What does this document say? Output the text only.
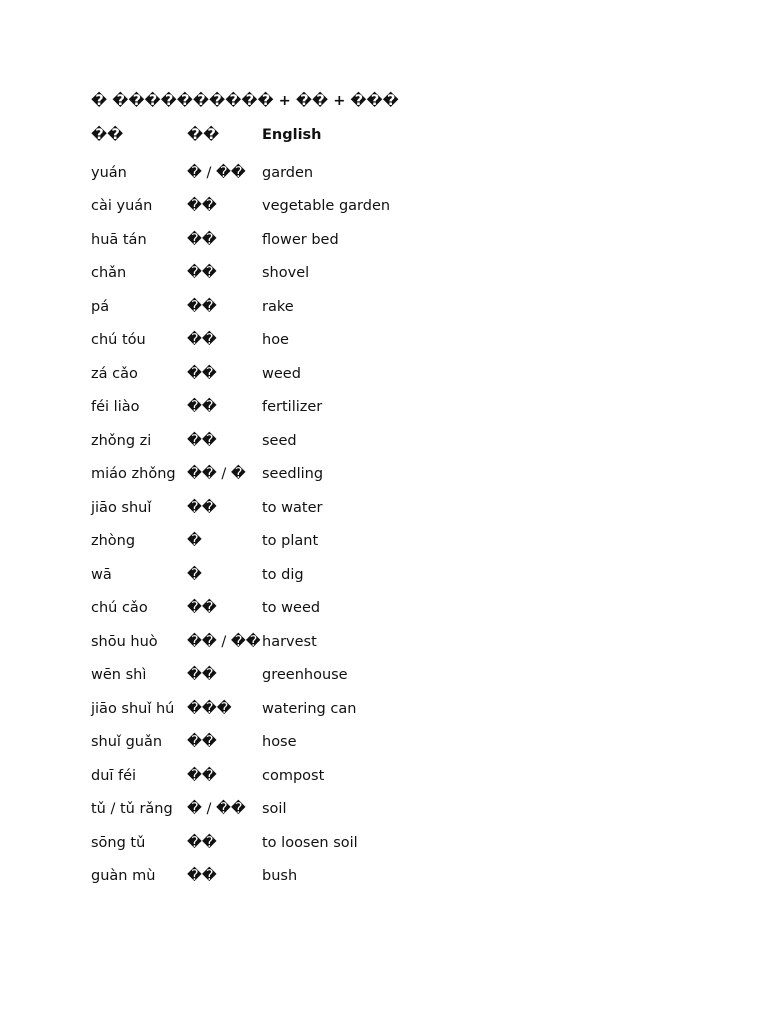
� ���������� + �� + ���
��	��	English
yuán	� / ��	garden
cài yuán	��	vegetable garden
huā tán	��	flower bed
chǎn	��	shovel
pá	��	rake
chú tóu	��	hoe
zá cǎo	��	weed
féi liào	��	fertilizer
zhǒng zi	��	seed
miáo zhǒng	�� / �	seedling
jiāo shuǐ	��	to water
zhòng	�	to plant
wā	�	to dig
chú cǎo	��	to weed
shōu huò	�� / ��	harvest
wēn shì	��	greenhouse
jiāo shuǐ hú	���	watering can
shuǐ guǎn	��	hose
duī féi	��	compost
tǔ / tǔ rǎng	� / ��	soil
sōng tǔ	��	to loosen soil
guàn mù	��	bush
